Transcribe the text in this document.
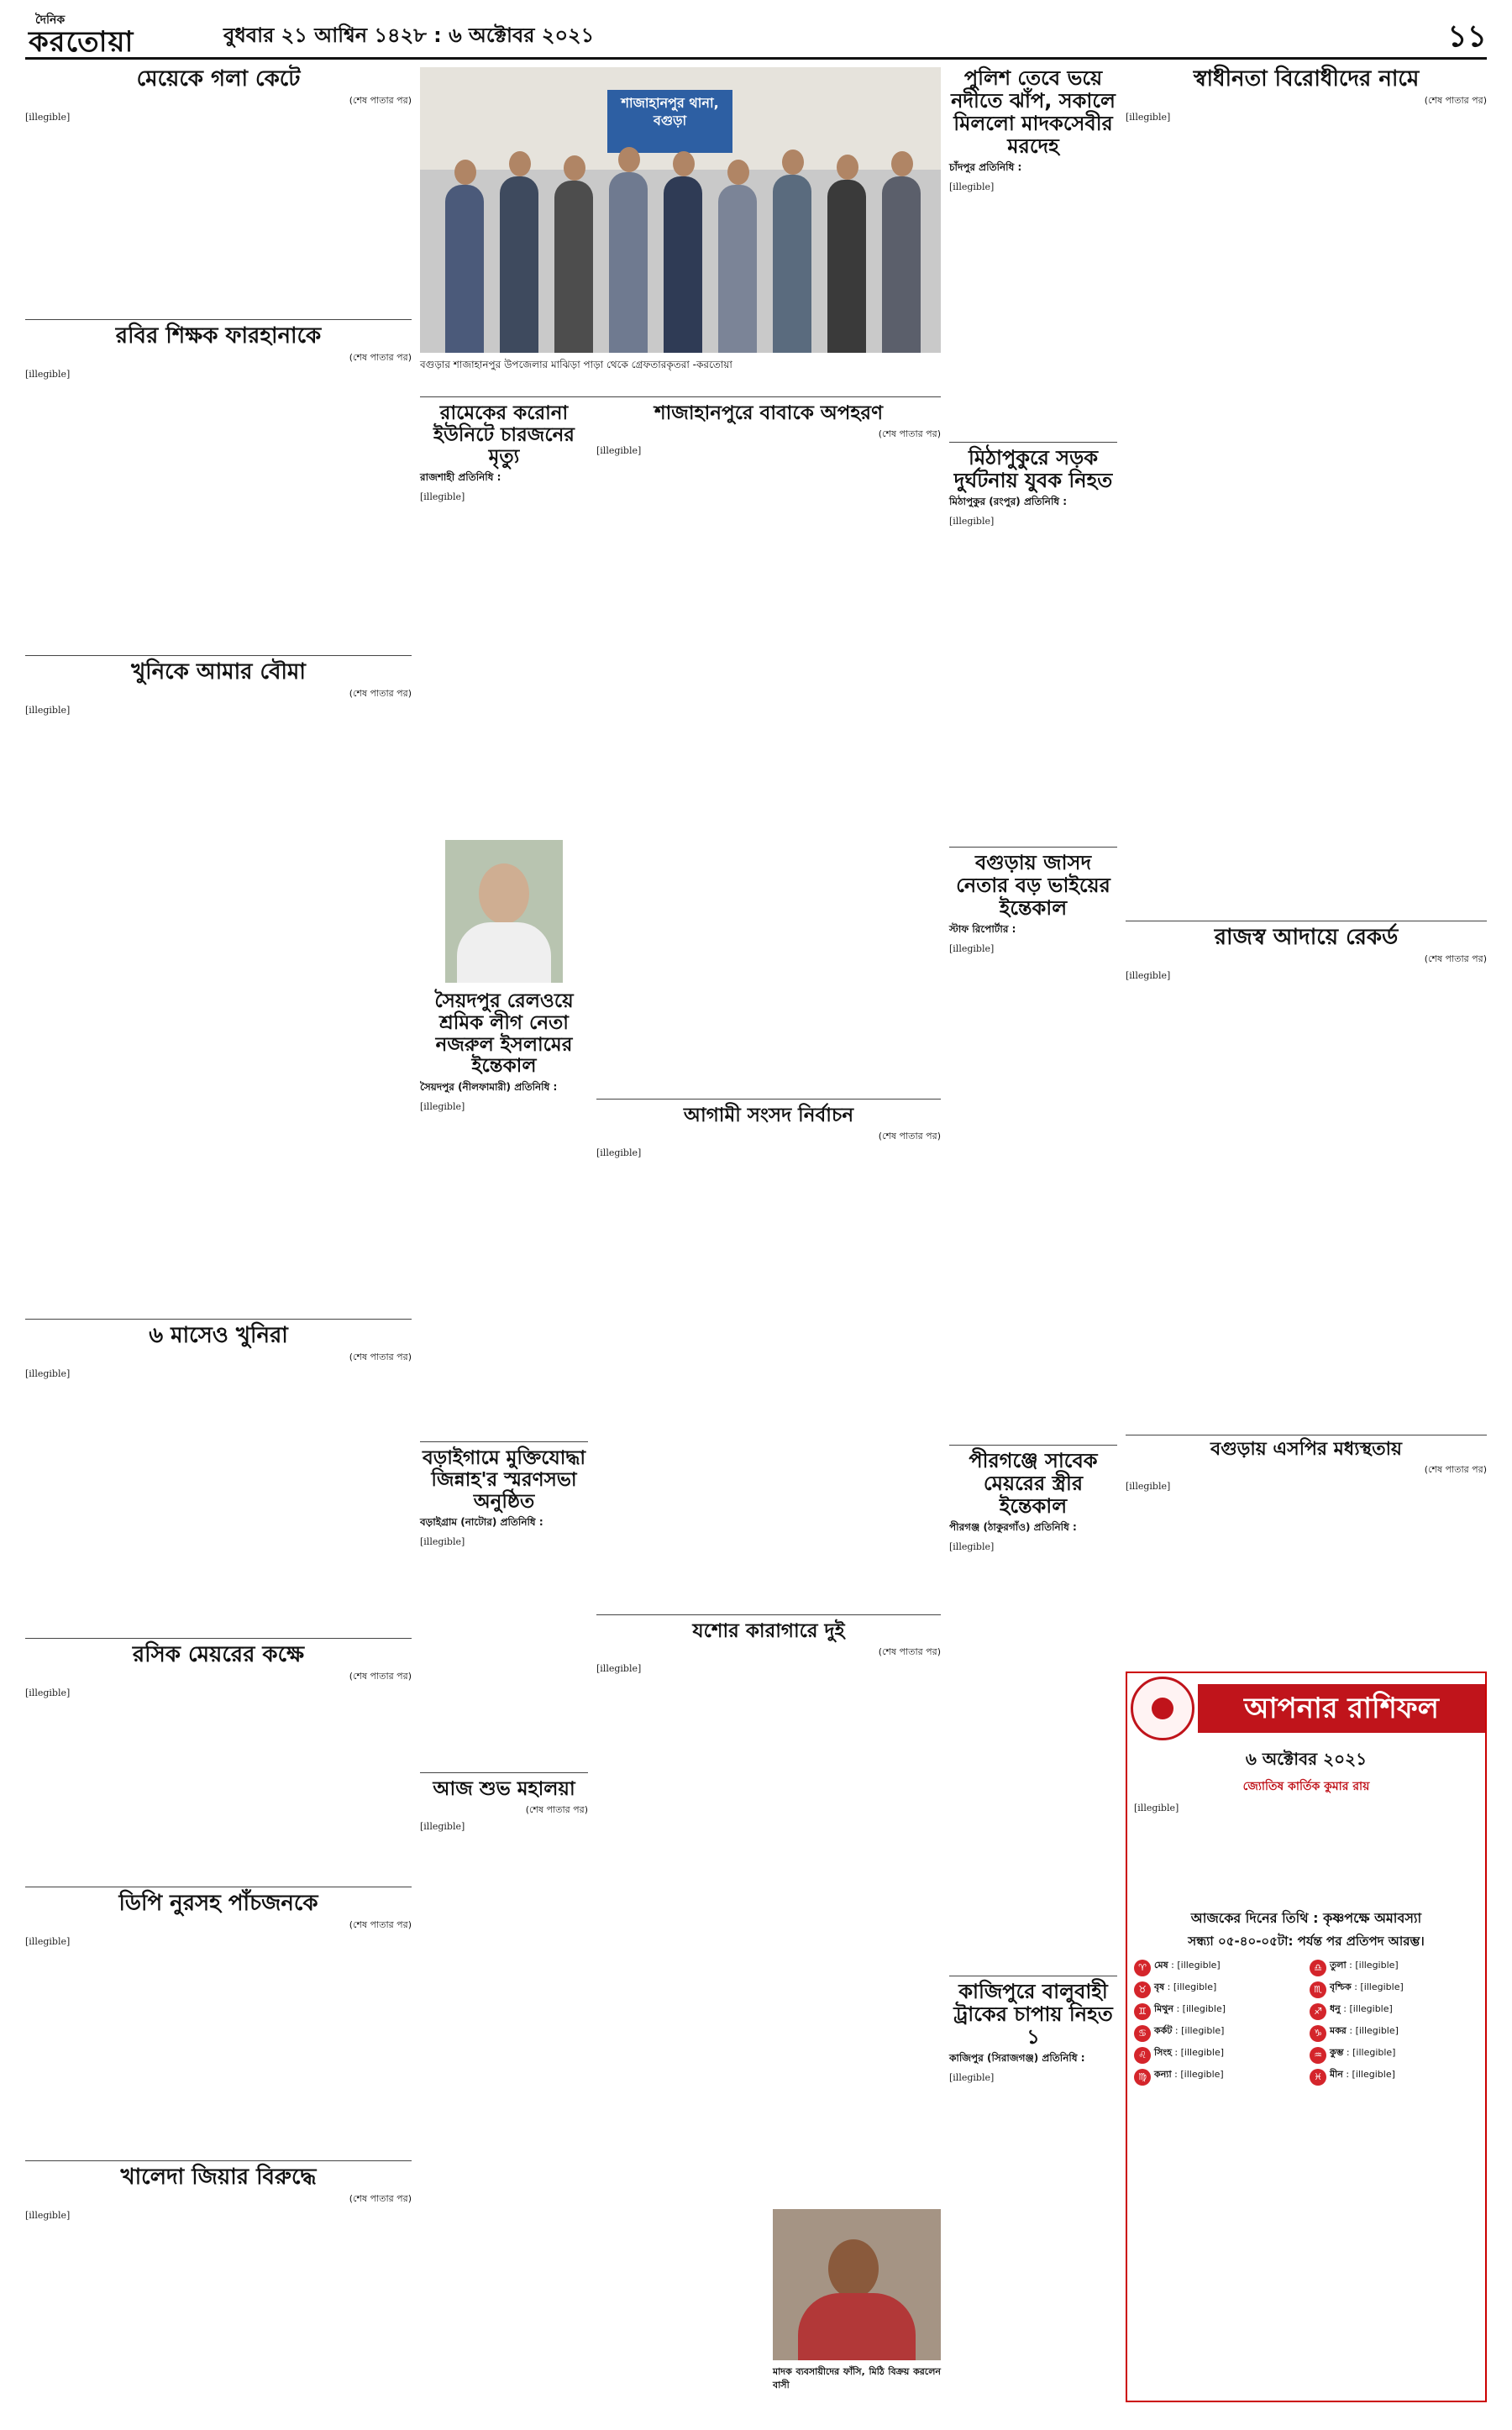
দৈনিক
করতোয়া	বুধবার ২১ আশ্বিন ১৪২৮ : ৬ অক্টোবর ২০২১	১১
মেয়েকে গলা কেটে
(শেষ পাতার পর)
[illegible]
রবির শিক্ষক ফারহানাকে
(শেষ পাতার পর)
[illegible]
খুনিকে আমার বৌমা
(শেষ পাতার পর)
[illegible]
৬ মাসেও খুনিরা
(শেষ পাতার পর)
[illegible]
রসিক মেয়রের কক্ষে
(শেষ পাতার পর)
[illegible]
ডিপি নুরসহ পাঁচজনকে
(শেষ পাতার পর)
[illegible]
খালেদা জিয়ার বিরুদ্ধে
(শেষ পাতার পর)
[illegible]
শাজাহানপুর থানা, বগুড়া
বগুড়ার শাজাহানপুর উপজেলার মাঝিড়া পাড়া থেকে গ্রেফতারকৃতরা -করতোয়া
রামেকের করোনা ইউনিটে চারজনের মৃত্যু
রাজশাহী প্রতিনিধি :
[illegible]
সৈয়দপুর রেলওয়ে শ্রমিক লীগ নেতা নজরুল ইসলামের ইন্তেকাল
সৈয়দপুর (নীলফামারী) প্রতিনিধি :
[illegible]
বড়াইগামে মুক্তিযোদ্ধা জিন্নাহ'র স্মরণসভা অনুষ্ঠিত
বড়াইগ্রাম (নাটোর) প্রতিনিধি :
[illegible]
আজ শুভ মহালয়া
(শেষ পাতার পর)
[illegible]
শাজাহানপুরে বাবাকে অপহরণ
(শেষ পাতার পর)
[illegible]
আগামী সংসদ নির্বাচন
(শেষ পাতার পর)
[illegible]
যশোর কারাগারে দুই
(শেষ পাতার পর)
[illegible]
মাদক ব্যবসায়ীদের ফাঁসি, মিঠি বিক্রয় করলেন বাসী
পুলিশ তেবে ভয়ে নদীতে ঝাঁপ, সকালে মিললো মাদকসেবীর মরদেহ
চাঁদপুর প্রতিনিধি :
[illegible]
মিঠাপুকুরে সড়ক দুর্ঘটনায় যুবক নিহত
মিঠাপুকুর (রংপুর) প্রতিনিধি :
[illegible]
বগুড়ায় জাসদ নেতার বড় ভাইয়ের ইন্তেকাল
স্টাফ রিপোর্টার :
[illegible]
পীরগঞ্জে সাবেক মেয়রের স্ত্রীর ইন্তেকাল
পীরগঞ্জ (ঠাকুরগাঁও) প্রতিনিধি :
[illegible]
কাজিপুরে বালুবাহী ট্রাকের চাপায় নিহত ১
কাজিপুর (সিরাজগঞ্জ) প্রতিনিধি :
[illegible]
স্বাধীনতা বিরোধীদের নামে
(শেষ পাতার পর)
[illegible]
রাজস্ব আদায়ে রেকর্ড
(শেষ পাতার পর)
[illegible]
বগুড়ায় এসপির মধ্যস্থতায়
(শেষ পাতার পর)
[illegible]
আপনার রাশিফল
৬ অক্টোবর ২০২১
জ্যোতিষ কার্তিক কুমার রায়
[illegible]
আজকের দিনের তিথি : কৃষ্ণপক্ষে অমাবস্যা
সন্ধ্যা ০৫-৪০-০৫টা: পর্যন্ত পর প্রতিপদ আরম্ভ।
♈ মেষ : [illegible]
♉ বৃষ : [illegible]
♊ মিথুন : [illegible]
♋ কর্কট : [illegible]
♌ সিংহ : [illegible]
♍ কন্যা : [illegible]
♎ তুলা : [illegible]
♏ বৃশ্চিক : [illegible]
♐ ধনু : [illegible]
♑ মকর : [illegible]
♒ কুম্ভ : [illegible]
♓ মীন : [illegible]
